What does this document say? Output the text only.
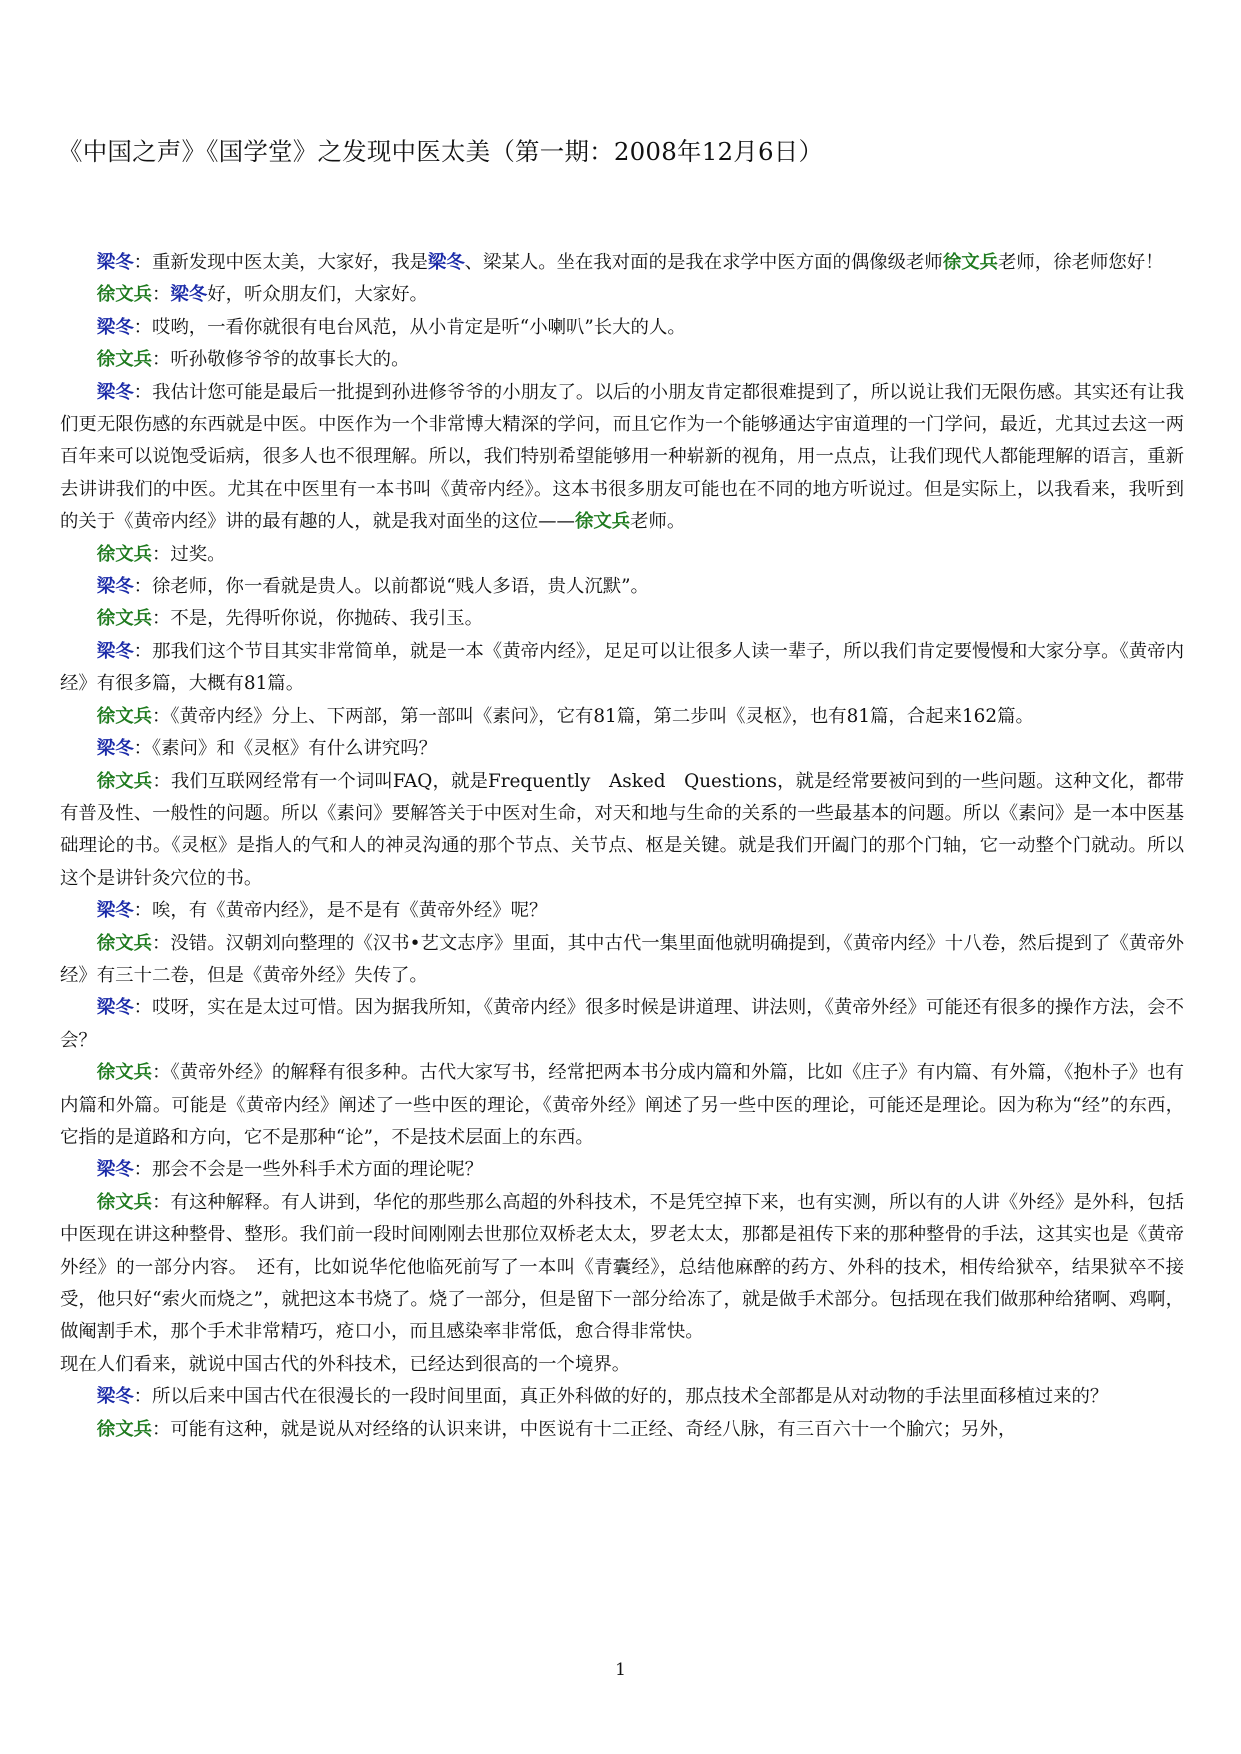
《中国之声》《国学堂》之发现中医太美（第一期：2008年12月6日）

梁冬：重新发现中医太美，大家好，我是梁冬、梁某人。坐在我对面的是我在求学中医方面的偶像级老师徐文兵老师，徐老师您好！

徐文兵：梁冬好，听众朋友们，大家好。

梁冬：哎哟，一看你就很有电台风范，从小肯定是听“小喇叭”长大的人。

徐文兵：听孙敬修爷爷的故事长大的。

梁冬：我估计您可能是最后一批提到孙进修爷爷的小朋友了。以后的小朋友肯定都很难提到了，所以说让我们无限伤感。其实还有让我们更无限伤感的东西就是中医。中医作为一个非常博大精深的学问，而且它作为一个能够通达宇宙道理的一门学问，最近，尤其过去这一两百年来可以说饱受诟病，很多人也不很理解。所以，我们特别希望能够用一种崭新的视角，用一点点，让我们现代人都能理解的语言，重新去讲讲我们的中医。尤其在中医里有一本书叫《黄帝内经》。这本书很多朋友可能也在不同的地方听说过。但是实际上，以我看来，我听到的关于《黄帝内经》讲的最有趣的人，就是我对面坐的这位——徐文兵老师。

徐文兵：过奖。

梁冬：徐老师，你一看就是贵人。以前都说“贱人多语，贵人沉默”。

徐文兵：不是，先得听你说，你抛砖、我引玉。

梁冬：那我们这个节目其实非常简单，就是一本《黄帝内经》，足足可以让很多人读一辈子，所以我们肯定要慢慢和大家分享。《黄帝内经》有很多篇，大概有81篇。

徐文兵：《黄帝内经》分上、下两部，第一部叫《素问》，它有81篇，第二步叫《灵枢》，也有81篇，合起来162篇。

梁冬：《素问》和《灵枢》有什么讲究吗？

徐文兵：我们互联网经常有一个词叫FAQ，就是Frequently　Asked　Questions，就是经常要被问到的一些问题。这种文化，都带有普及性、一般性的问题。所以《素问》要解答关于中医对生命，对天和地与生命的关系的一些最基本的问题。所以《素问》是一本中医基础理论的书。《灵枢》是指人的气和人的神灵沟通的那个节点、关节点、枢是关键。就是我们开阖门的那个门轴，它一动整个门就动。所以这个是讲针灸穴位的书。

梁冬：唉，有《黄帝内经》，是不是有《黄帝外经》呢？

徐文兵：没错。汉朝刘向整理的《汉书•艺文志序》里面，其中古代一集里面他就明确提到，《黄帝内经》十八卷，然后提到了《黄帝外经》有三十二卷，但是《黄帝外经》失传了。

梁冬：哎呀，实在是太过可惜。因为据我所知，《黄帝内经》很多时候是讲道理、讲法则，《黄帝外经》可能还有很多的操作方法，会不会？

徐文兵：《黄帝外经》的解释有很多种。古代大家写书，经常把两本书分成内篇和外篇，比如《庄子》有内篇、有外篇，《抱朴子》也有内篇和外篇。可能是《黄帝内经》阐述了一些中医的理论，《黄帝外经》阐述了另一些中医的理论，可能还是理论。因为称为“经”的东西，它指的是道路和方向，它不是那种“论”，不是技术层面上的东西。

梁冬：那会不会是一些外科手术方面的理论呢？

徐文兵：有这种解释。有人讲到，华佗的那些那么高超的外科技术，不是凭空掉下来，也有实测，所以有的人讲《外经》是外科，包括中医现在讲这种整骨、整形。我们前一段时间刚刚去世那位双桥老太太，罗老太太，那都是祖传下来的那种整骨的手法，这其实也是《黄帝外经》的一部分内容。　还有，比如说华佗他临死前写了一本叫《青囊经》，总结他麻醉的药方、外科的技术，相传给狱卒，结果狱卒不接受，他只好“索火而烧之”，就把这本书烧了。烧了一部分，但是留下一部分给冻了，就是做手术部分。包括现在我们做那种给猪啊、鸡啊，做阉割手术，那个手术非常精巧，疮口小，而且感染率非常低，愈合得非常快。

现在人们看来，就说中国古代的外科技术，已经达到很高的一个境界。

梁冬：所以后来中国古代在很漫长的一段时间里面，真正外科做的好的，那点技术全部都是从对动物的手法里面移植过来的？

徐文兵：可能有这种，就是说从对经络的认识来讲，中医说有十二正经、奇经八脉，有三百六十一个腧穴；另外，

1
